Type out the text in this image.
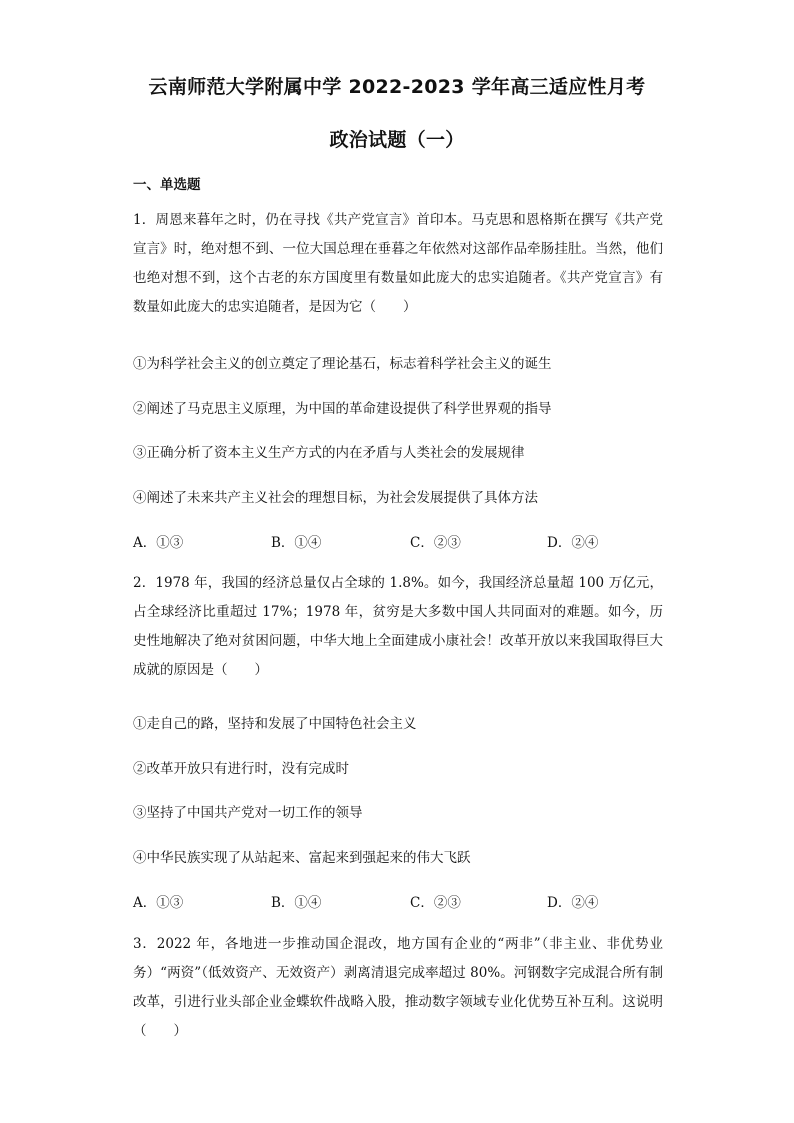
云南师范大学附属中学 2022-2023 学年高三适应性月考
政治试题（一）
一、单选题

1．周恩来暮年之时，仍在寻找《共产党宣言》首印本。马克思和恩格斯在撰写《共产党宣言》时，绝对想不到、一位大国总理在垂暮之年依然对这部作品牵肠挂肚。当然，他们也绝对想不到，这个古老的东方国度里有数量如此庞大的忠实追随者。《共产党宣言》有数量如此庞大的忠实追随者，是因为它（　　）

①为科学社会主义的创立奠定了理论基石，标志着科学社会主义的诞生
②阐述了马克思主义原理，为中国的革命建设提供了科学世界观的指导
③正确分析了资本主义生产方式的内在矛盾与人类社会的发展规律
④阐述了未来共产主义社会的理想目标，为社会发展提供了具体方法
A．①③	B．①④	C．②③	D．②④

2．1978 年，我国的经济总量仅占全球的 1.8%。如今，我国经济总量超 100 万亿元，占全球经济比重超过 17%；1978 年，贫穷是大多数中国人共同面对的难题。如今，历史性地解决了绝对贫困问题，中华大地上全面建成小康社会！改革开放以来我国取得巨大成就的原因是（　　）

①走自己的路，坚持和发展了中国特色社会主义
②改革开放只有进行时，没有完成时
③坚持了中国共产党对一切工作的领导
④中华民族实现了从站起来、富起来到强起来的伟大飞跃
A．①③	B．①④	C．②③	D．②④

3．2022 年，各地进一步推动国企混改，地方国有企业的“两非”（非主业、非优势业务）“两资”（低效资产、无效资产）剥离清退完成率超过 80%。河钢数字完成混合所有制改革，引进行业头部企业金蝶软件战略入股，推动数字领域专业化优势互补互利。这说明（　　）
